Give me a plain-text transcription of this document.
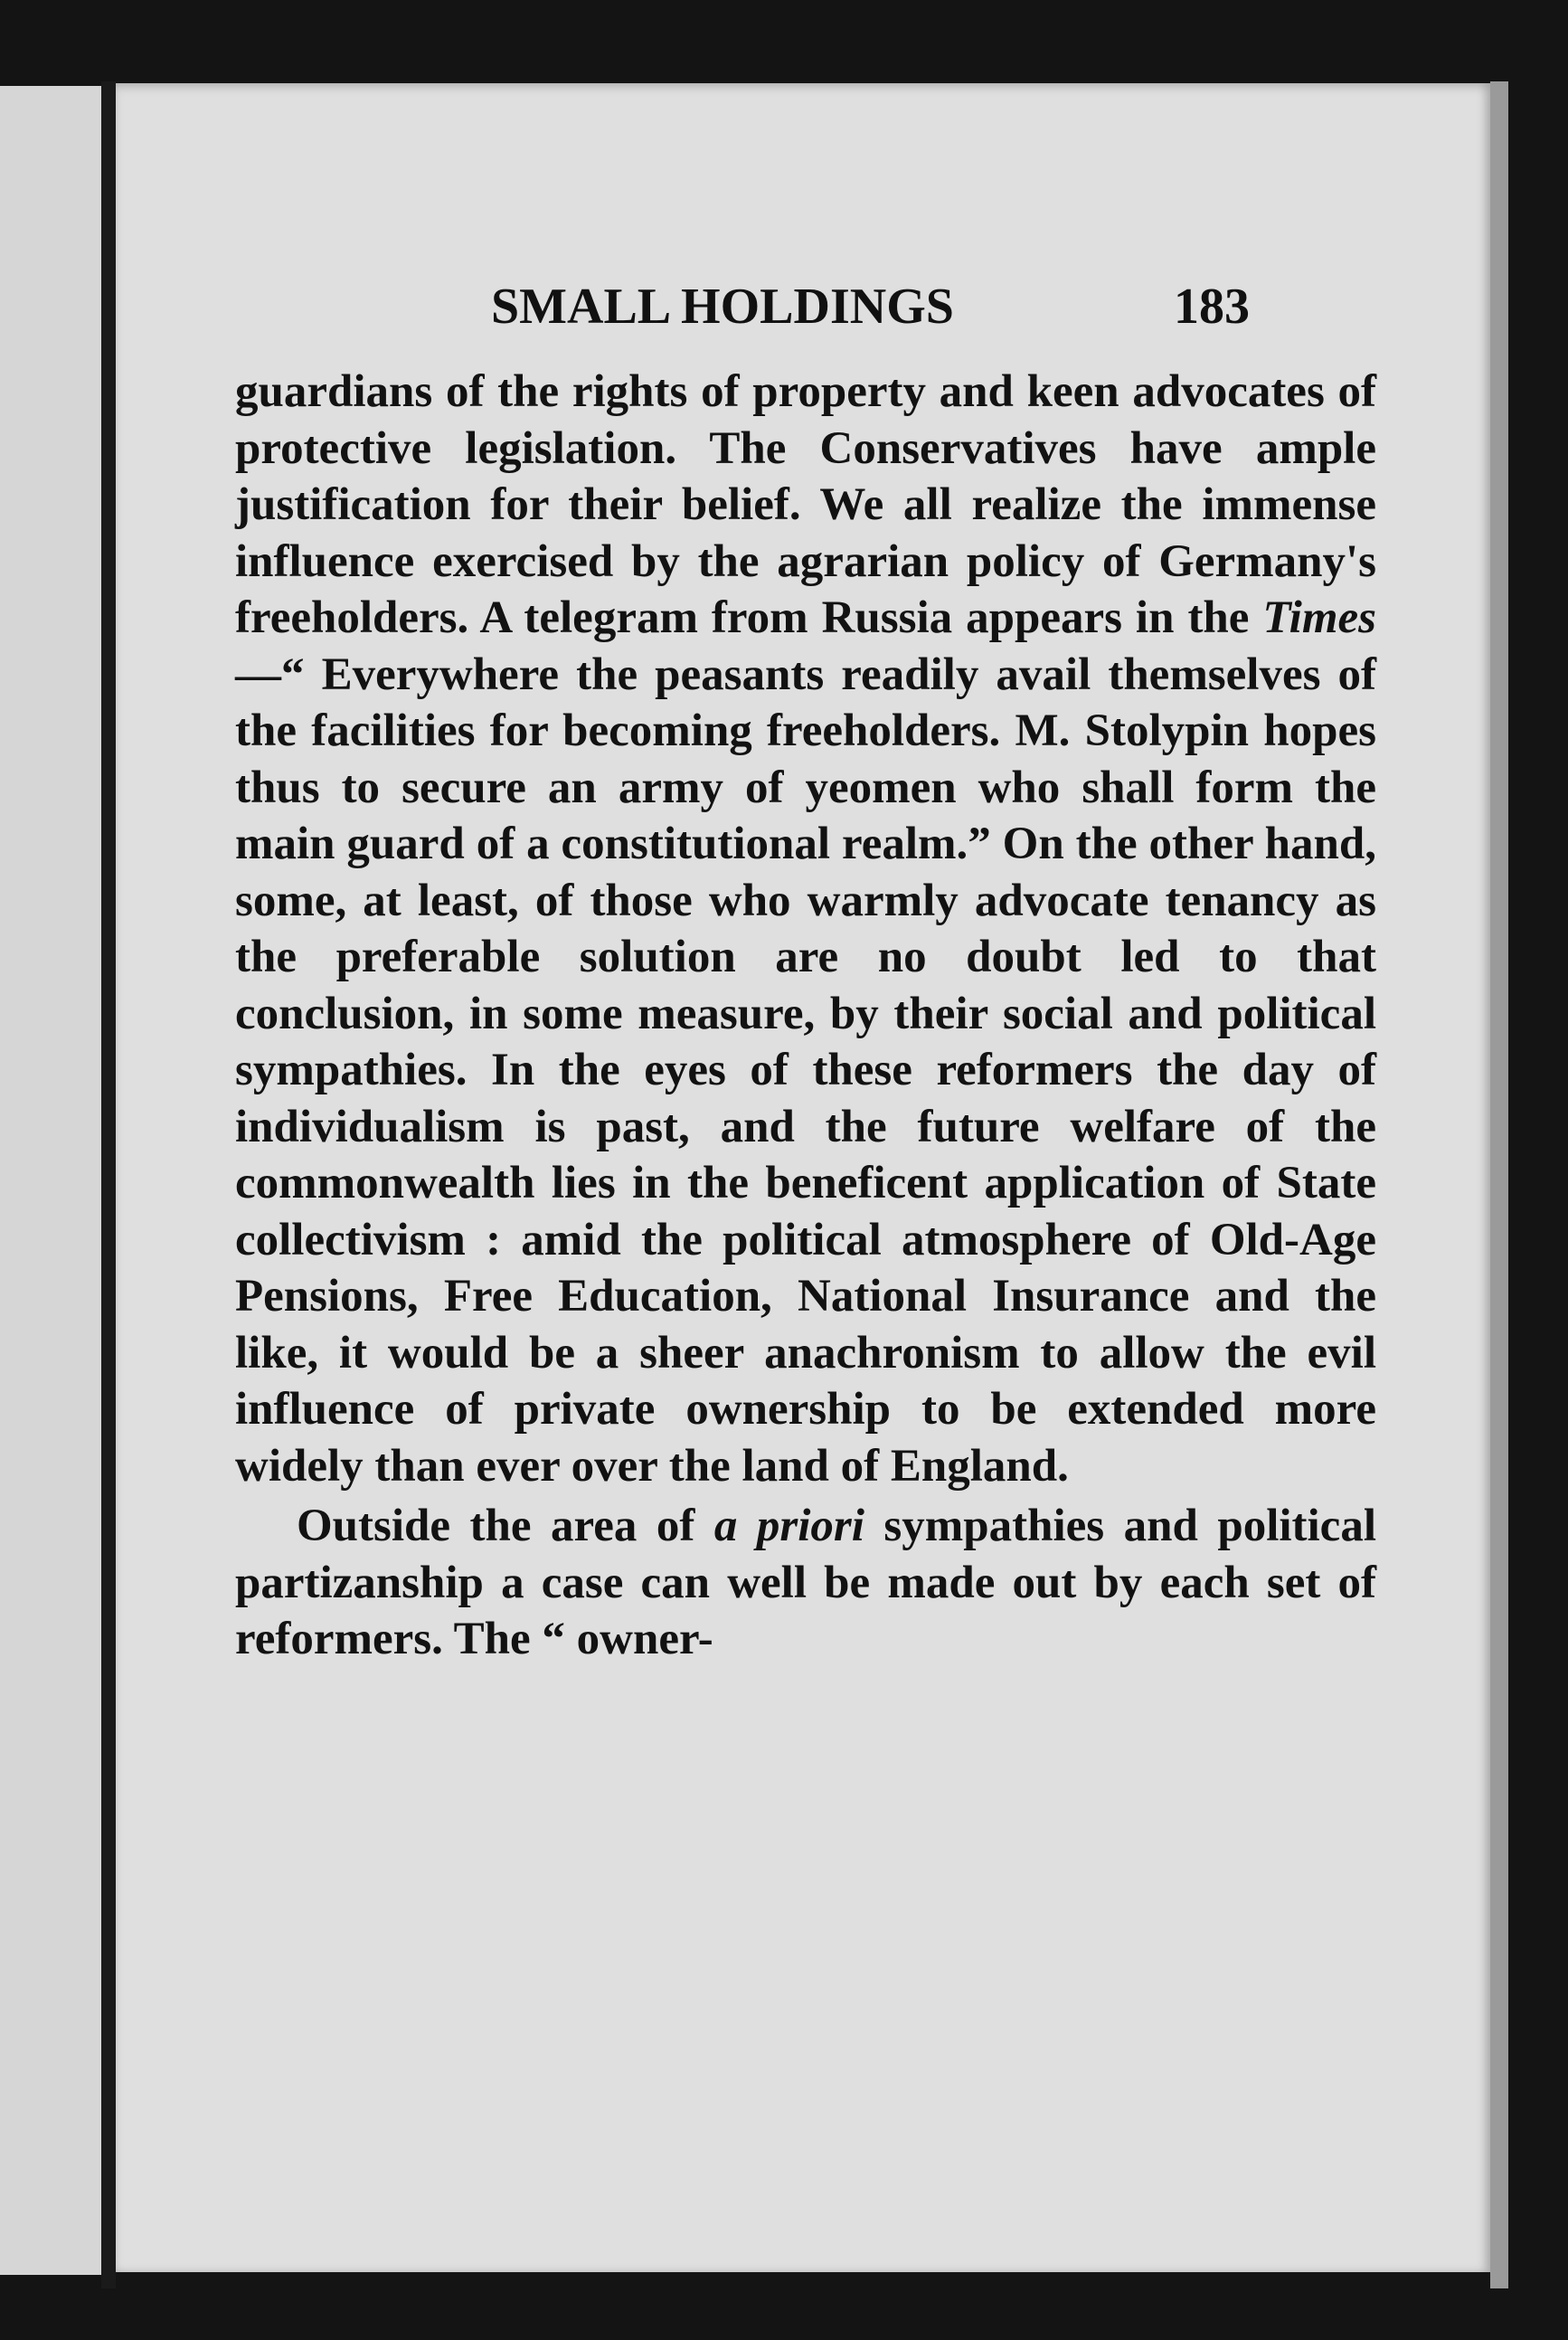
SMALL HOLDINGS	183

guardians of the rights of property and keen advocates of protective legislation. The Conservatives have ample justification for their belief. We all realize the immense influence exercised by the agrarian policy of Germany's freeholders. A telegram from Russia appears in the Times—“ Everywhere the peasants readily avail themselves of the facilities for becoming freeholders. M. Stolypin hopes thus to secure an army of yeomen who shall form the main guard of a constitutional realm.” On the other hand, some, at least, of those who warmly advocate tenancy as the preferable solution are no doubt led to that conclusion, in some measure, by their social and political sympathies. In the eyes of these reformers the day of individualism is past, and the future welfare of the commonwealth lies in the beneficent application of State collectivism : amid the political atmosphere of Old-Age Pensions, Free Education, National Insurance and the like, it would be a sheer anachronism to allow the evil influence of private ownership to be extended more widely than ever over the land of England.

Outside the area of a priori sympathies and political partizanship a case can well be made out by each set of reformers. The “ owner-
